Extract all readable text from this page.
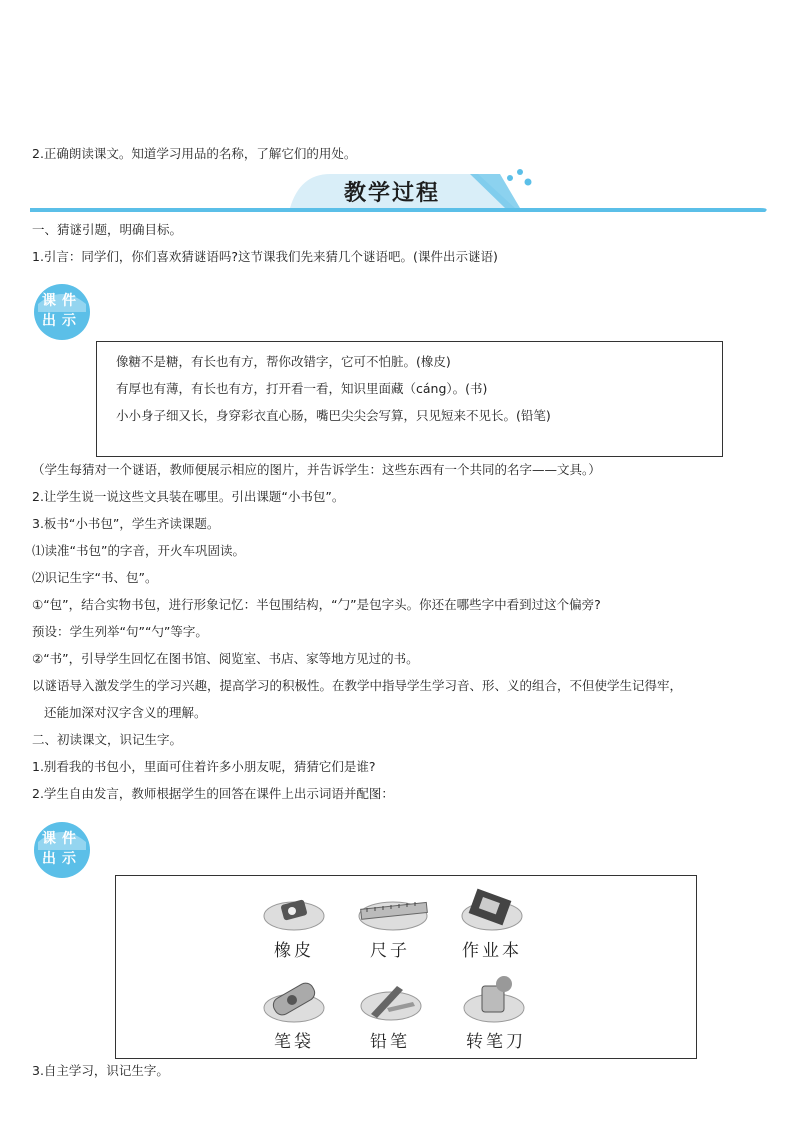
2.正确朗读课文。知道学习用品的名称，了解它们的用处。
教学过程
一、猜谜引题，明确目标。
1.引言：同学们，你们喜欢猜谜语吗?这节课我们先来猜几个谜语吧。(课件出示谜语)
课 件
出 示
像糖不是糖，有长也有方，帮你改错字，它可不怕脏。(橡皮)
有厚也有薄，有长也有方，打开看一看，知识里面藏（cáng）。(书)
小小身子细又长，身穿彩衣直心肠，嘴巴尖尖会写算，只见短来不见长。(铅笔)
（学生每猜对一个谜语，教师便展示相应的图片，并告诉学生：这些东西有一个共同的名字——文具。）
2.让学生说一说这些文具装在哪里。引出课题“小书包”。
3.板书“小书包”，学生齐读课题。
⑴读准“书包”的字音，开火车巩固读。
⑵识记生字“书、包”。
①“包”，结合实物书包，进行形象记忆：半包围结构，“勹”是包字头。你还在哪些字中看到过这个偏旁?
预设：学生列举“句”“勺”等字。
②“书”，引导学生回忆在图书馆、阅览室、书店、家等地方见过的书。
以谜语导入激发学生的学习兴趣，提高学习的积极性。在教学中指导学生学习音、形、义的组合，不但使学生记得牢，
还能加深对汉字含义的理解。
二、初读课文，识记生字。
1.别看我的书包小，里面可住着许多小朋友呢，猜猜它们是谁?
2.学生自由发言，教师根据学生的回答在课件上出示词语并配图：
课 件
出 示
橡皮	尺子	作业本
笔袋	铅笔	转笔刀
3.自主学习，识记生字。
